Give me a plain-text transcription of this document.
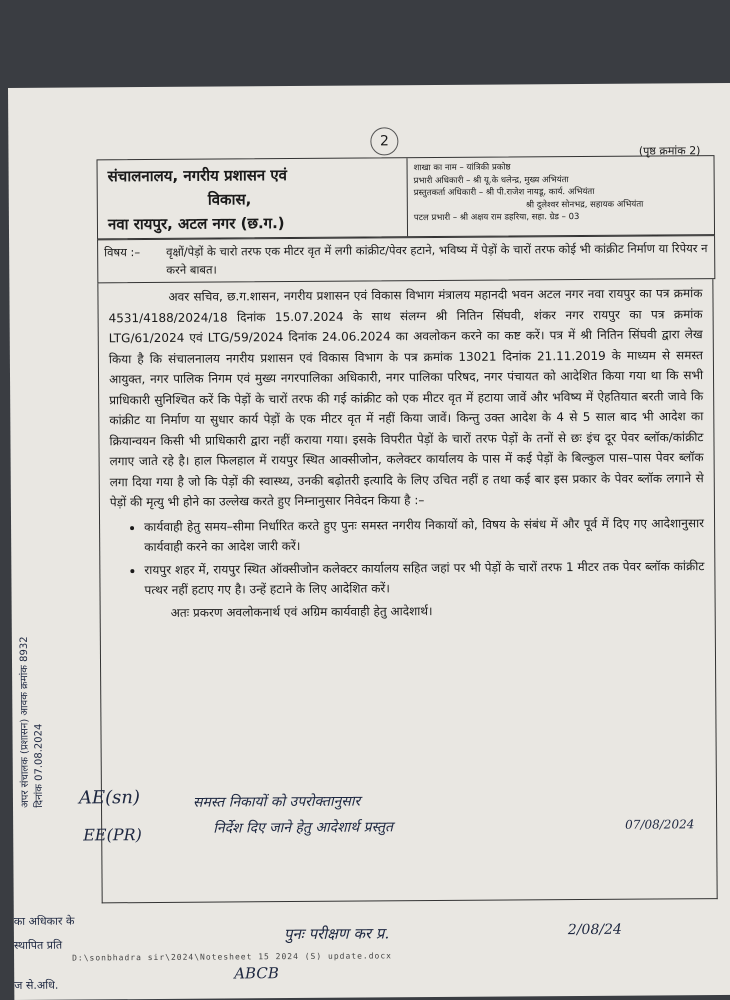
2
(पृष्ठ क्रमांक 2)
संचालनालय, नगरीय प्रशासन एवं
विकास,
नवा रायपुर, अटल नगर (छ.ग.)
शाखा का नाम – यांत्रिकी प्रकोष्ठ
प्रभारी अधिकारी – श्री यू.के धलेन्द्र, मुख्य अभियंता
प्रस्तुतकर्ता अधिकारी – श्री पी.राजेश नायडू, कार्य. अभियंता
श्री दुलेश्वर सोनभद्र, सहायक अभियंता
पटल प्रभारी – श्री अक्षय राम डहरिया, सहा. ग्रेड – 03
विषय :–	वृक्षों/पेड़ों के चारो तरफ एक मीटर वृत में लगी कांक्रीट/पेवर हटाने, भविष्य में पेड़ों के चारों तरफ कोई भी कांक्रीट निर्माण या रिपेयर न करने बाबत।

अवर सचिव, छ.ग.शासन, नगरीय प्रशासन एवं विकास विभाग मंत्रालय महानदी भवन अटल नगर नवा रायपुर का पत्र क्रमांक 4531/4188/2024/18 दिनांक 15.07.2024 के साथ संलग्न श्री नितिन सिंघवी, शंकर नगर रायपुर का पत्र क्रमांक LTG/61/2024 एवं LTG/59/2024 दिनांक 24.06.2024 का अवलोकन करने का कष्ट करें। पत्र में श्री नितिन सिंघवी द्वारा लेख किया है कि संचालनालय नगरीय प्रशासन एवं विकास विभाग के पत्र क्रमांक 13021 दिनांक 21.11.2019 के माध्यम से समस्त आयुक्त, नगर पालिक निगम एवं मुख्य नगरपालिका अधिकारी, नगर पालिका परिषद, नगर पंचायत को आदेशित किया गया था कि सभी प्राधिकारी सुनिश्चित करें कि पेड़ों के चारों तरफ की गई कांक्रीट को एक मीटर वृत में हटाया जावें और भविष्य में ऐहतियात बरती जावे कि कांक्रीट या निर्माण या सुधार कार्य पेड़ों के एक मीटर वृत में नहीं किया जावें। किन्तु उक्त आदेश के 4 से 5 साल बाद भी आदेश का क्रियान्वयन किसी भी प्राधिकारी द्वारा नहीं कराया गया। इसके विपरीत पेड़ों के चारों तरफ पेड़ों के तनों से छः इंच दूर पेवर ब्लॉक/कांक्रीट लगाए जाते रहे है। हाल फिलहाल में रायपुर स्थित आक्सीजोन, कलेक्टर कार्यालय के पास में कई पेड़ों के बिल्कुल पास–पास पेवर ब्लॉक लगा दिया गया है जो कि पेड़ों की स्वास्थ्य, उनकी बढ़ोतरी इत्यादि के लिए उचित नहीं ह तथा कई बार इस प्रकार के पेवर ब्लॉक लगाने से पेड़ों की मृत्यु भी होने का उल्लेख करते हुए निम्नानुसार निवेदन किया है :–

• कार्यवाही हेतु समय–सीमा निर्धारित करते हुए पुनः समस्त नगरीय निकायों को, विषय के संबंध में और पूर्व में दिए गए आदेशानुसार कार्यवाही करने का आदेश जारी करें।
• रायपुर शहर में, रायपुर स्थित ऑक्सीजोन कलेक्टर कार्यालय सहित जहां पर भी पेड़ों के चारों तरफ 1 मीटर तक पेवर ब्लॉक कांक्रीट पत्थर नहीं हटाए गए है। उन्हें हटाने के लिए आदेशित करें।

अतः प्रकरण अवलोकनार्थ एवं अग्रिम कार्यवाही हेतु आदेशार्थ।

AE(sn)	समस्त निकायों को उपरोक्तानुसार
निर्देश दिए जाने हेतु आदेशार्थ प्रस्तुत	07/08/2024
EE(PR)
पुनः परीक्षण कर प्र.
ABCB
2/08/24
अपर संचालक (प्रशासन) आवक क्रमांक 8932 दिनांक 07.08.2024
का अधिकार के
स्थापित प्रति
ज से.अधि.
D:\sonbhadra sir\2024\Notesheet 15 2024 (S) update.docx
